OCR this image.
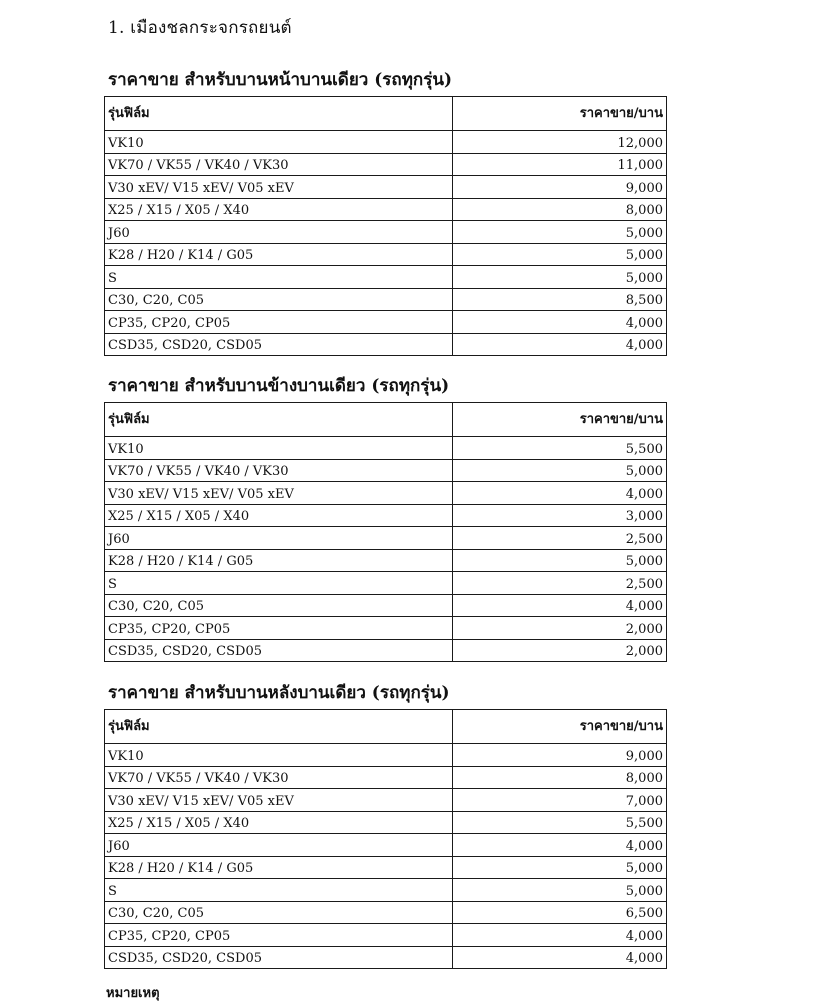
1. เมืองชลกระจกรถยนต์
ราคาขาย สำหรับบานหน้าบานเดียว (รถทุกรุ่น)
รุ่นฟิล์ม	ราคาขาย/บาน
VK10	12,000
VK70 / VK55 / VK40 / VK30	11,000
V30 xEV/ V15 xEV/ V05 xEV	9,000
X25 / X15 / X05 / X40	8,000
J60	5,000
K28 / H20 / K14 / G05	5,000
S	5,000
C30, C20, C05	8,500
CP35, CP20, CP05	4,000
CSD35, CSD20, CSD05	4,000
ราคาขาย สำหรับบานข้างบานเดียว (รถทุกรุ่น)
รุ่นฟิล์ม	ราคาขาย/บาน
VK10	5,500
VK70 / VK55 / VK40 / VK30	5,000
V30 xEV/ V15 xEV/ V05 xEV	4,000
X25 / X15 / X05 / X40	3,000
J60	2,500
K28 / H20 / K14 / G05	5,000
S	2,500
C30, C20, C05	4,000
CP35, CP20, CP05	2,000
CSD35, CSD20, CSD05	2,000
ราคาขาย สำหรับบานหลังบานเดียว (รถทุกรุ่น)
รุ่นฟิล์ม	ราคาขาย/บาน
VK10	9,000
VK70 / VK55 / VK40 / VK30	8,000
V30 xEV/ V15 xEV/ V05 xEV	7,000
X25 / X15 / X05 / X40	5,500
J60	4,000
K28 / H20 / K14 / G05	5,000
S	5,000
C30, C20, C05	6,500
CP35, CP20, CP05	4,000
CSD35, CSD20, CSD05	4,000
หมายเหตุ
